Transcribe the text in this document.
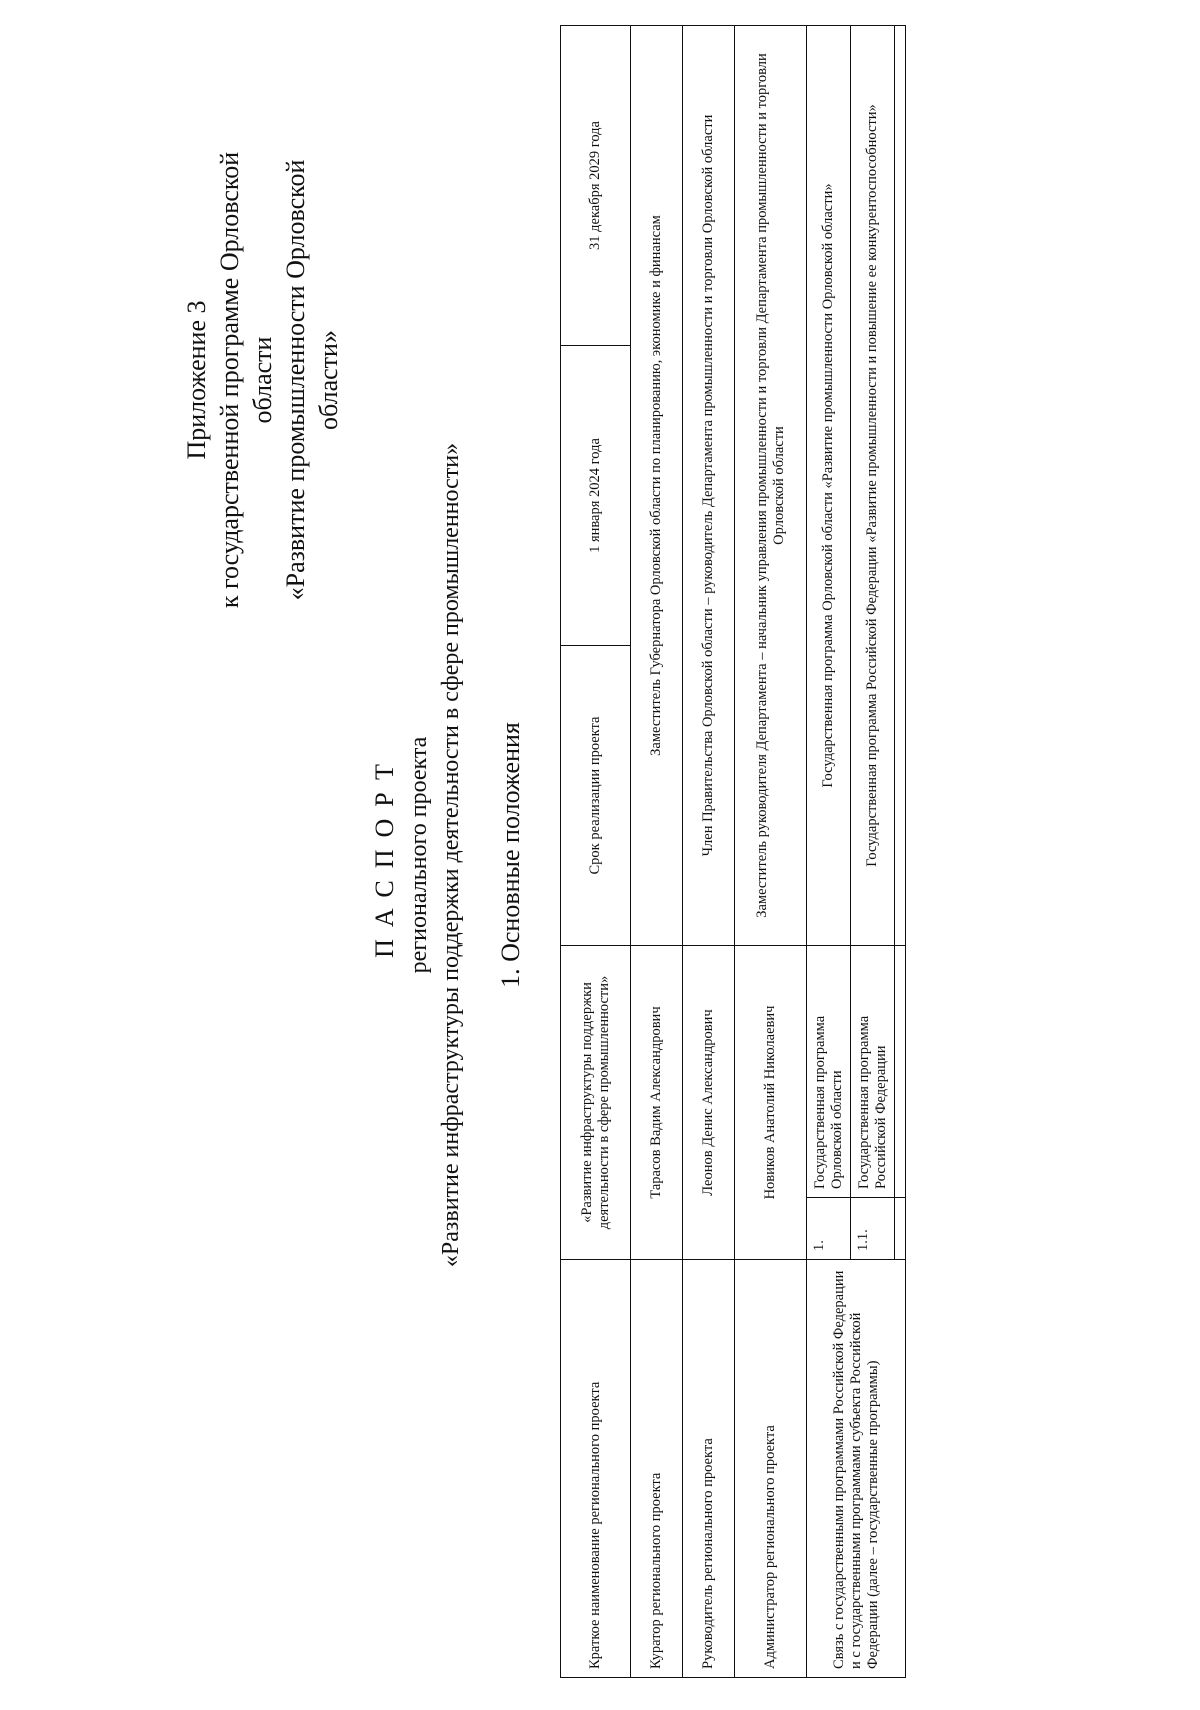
Приложение 3 к государственной программе Орловской области «Развитие промышленности Орловской области»
ПАСПОРТ регионального проекта «Развитие инфраструктуры поддержки деятельности в сфере промышленности» 1. Основные положения
Краткое наименование регионального проекта	«Развитие инфраструктуры поддержки деятельности в сфере промышленности»		Срок реализации проекта	1 января 2024 года	31 декабря 2029 года
Куратор регионального проекта	Тарасов Вадим Александрович		Заместитель Губернатора Орловской области по планированию, экономике и финансам		
Руководитель регионального проекта	Леонов Денис Александрович		Член Правительства Орловской области – руководитель Департамента промышленности и торговли Орловской области		
Администратор регионального проекта	Новиков Анатолий Николаевич		Заместитель руководителя Департамента – начальник управления промышленности и торговли Департамента промышленности и торговли Орловской области		
Связь с государственными программами Российской Федерации и с государственными программами субъекта Российской Федерации (далее – государственные программы)	1.	Государственная программа Орловской области	Государственная программа Орловской области «Развитие промышленности Орловской области»		
	1.1.	Государственная программа Российской Федерации	Государственная программа Российской Федерации «Развитие промышленности и повышение ее конкурентоспособности»		
